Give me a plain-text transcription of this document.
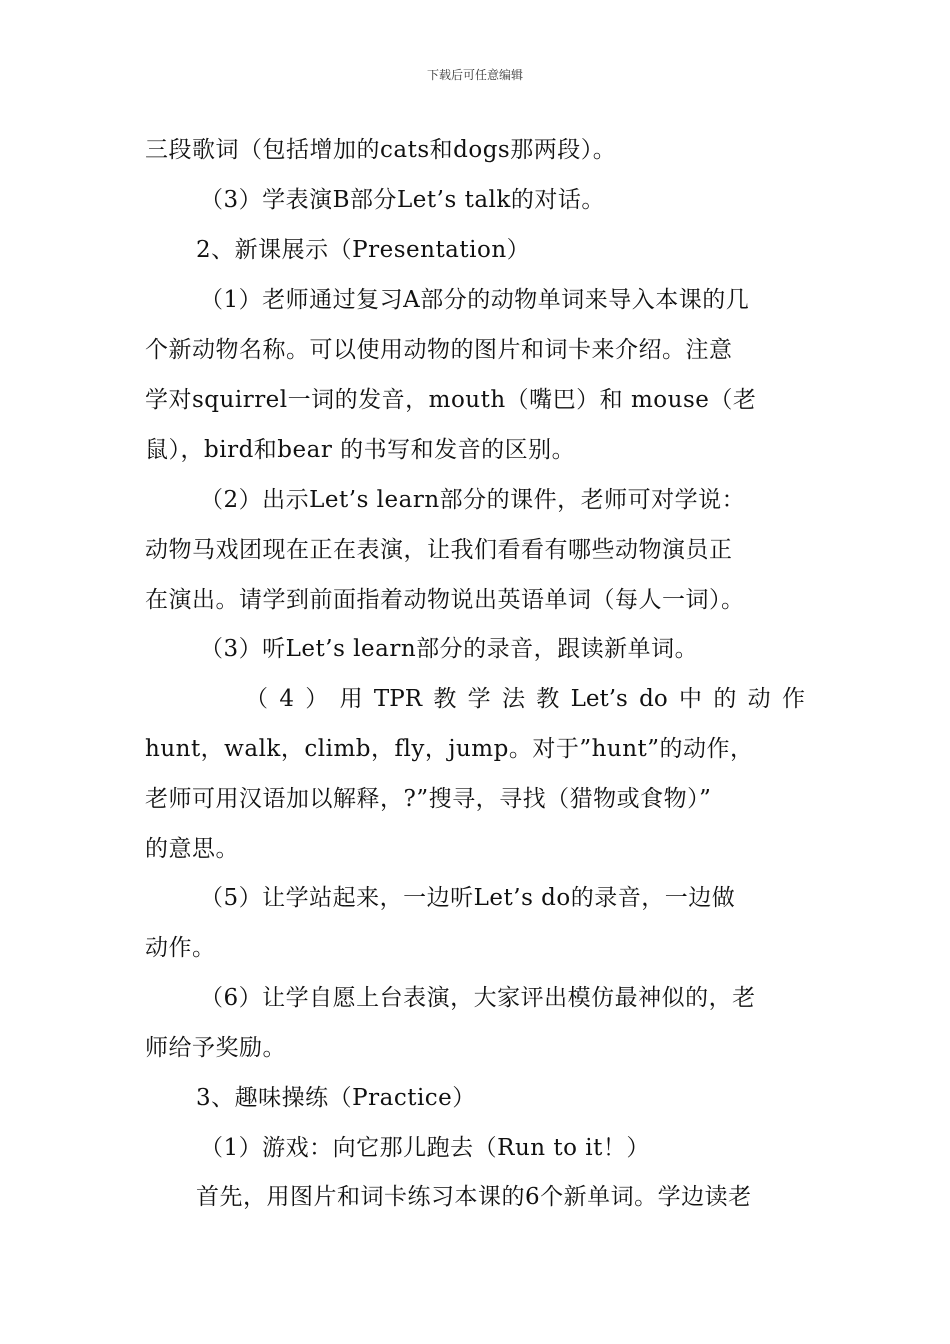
下载后可任意编辑
三段歌词（包括增加的cats和dogs那两段）。
（3）学表演B部分Let’s talk的对话。
2、新课展示（Presentation）
（1）老师通过复习A部分的动物单词来导入本课的几
个新动物名称。可以使用动物的图片和词卡来介绍。注意
学对squirrel一词的发音，mouth（嘴巴）和 mouse（老
鼠），bird和bear 的书写和发音的区别。
（2）出示Let’s learn部分的课件，老师可对学说：
动物马戏团现在正在表演，让我们看看有哪些动物演员正
在演出。请学到前面指着动物说出英语单词（每人一词）。
（3）听Let’s learn部分的录音，跟读新单词。
（ 4 ） 用 TPR 教 学 法 教 Let’s do 中 的 动 作
hunt，walk，climb，fly，jump。对于”hunt”的动作，
老师可用汉语加以解释，?”搜寻，寻找（猎物或食物）”
的意思。
（5）让学站起来，一边听Let’s do的录音，一边做
动作。
（6）让学自愿上台表演，大家评出模仿最神似的，老
师给予奖励。
3、趣味操练（Practice）
（1）游戏：向它那儿跑去（Run to it！）
首先，用图片和词卡练习本课的6个新单词。学边读老
